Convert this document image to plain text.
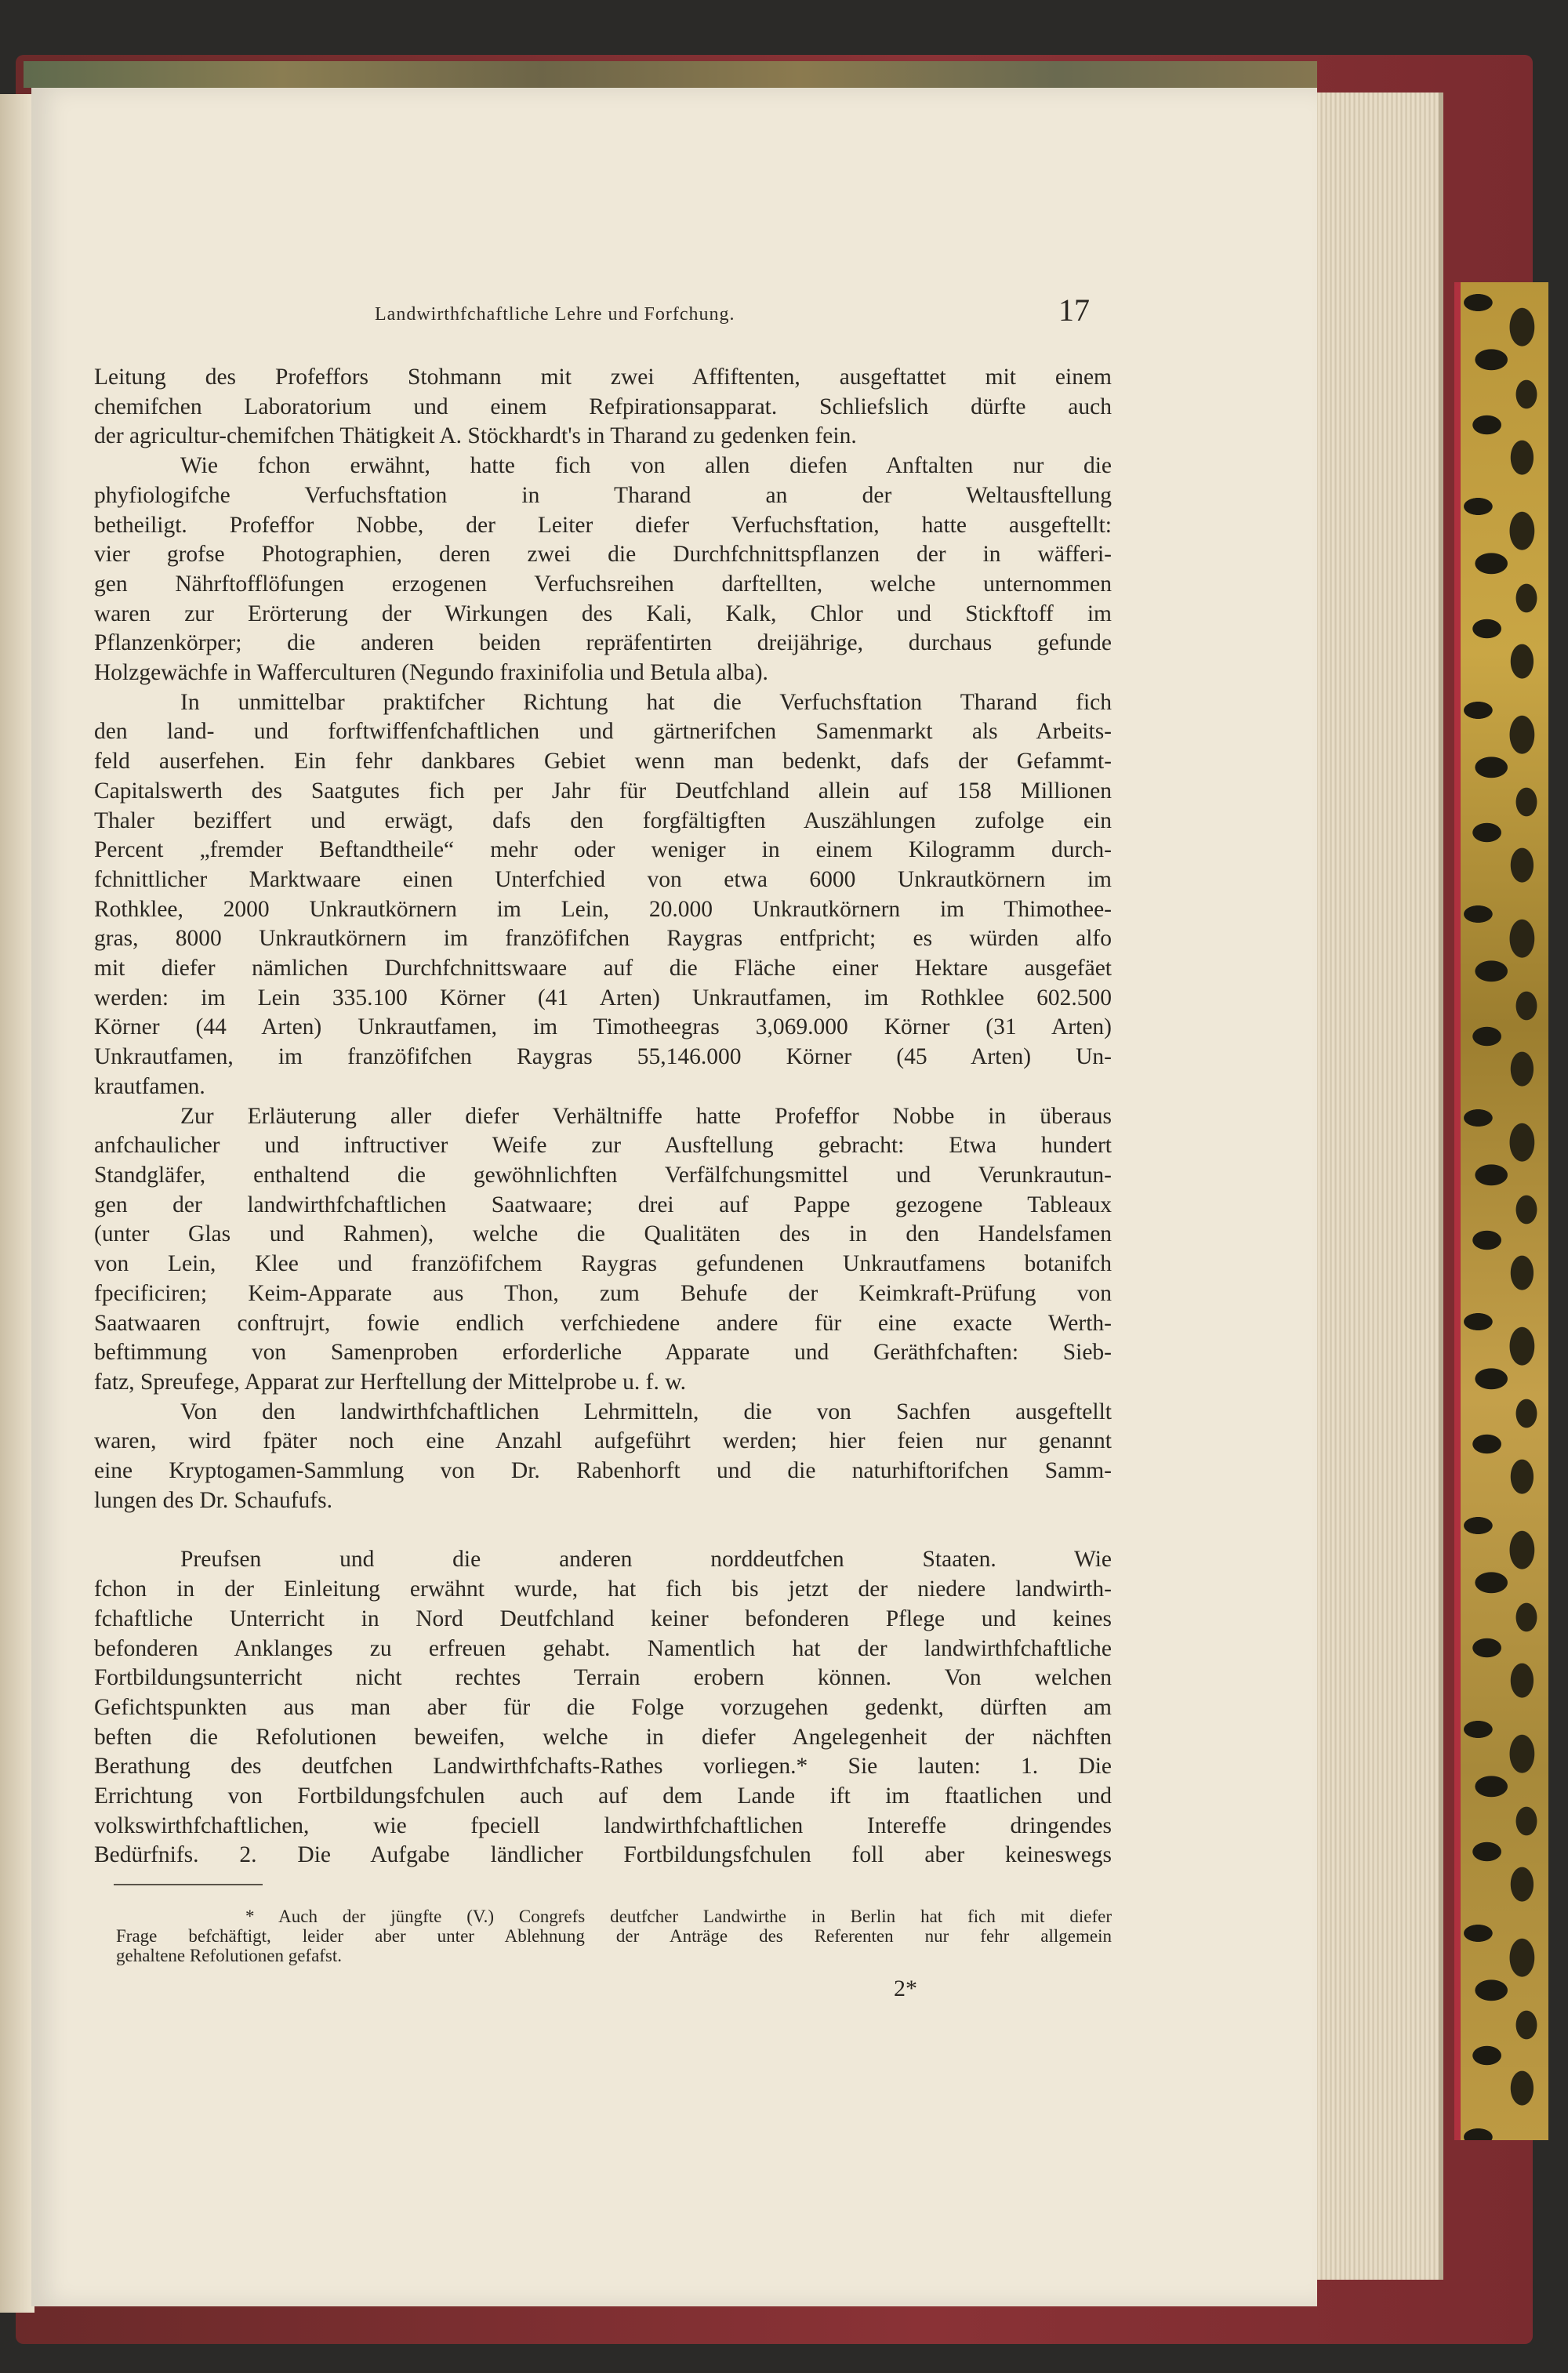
Landwirthfchaftliche Lehre und Forfchung.	17

Leitung des Profeffors Stohmann mit zwei Affiftenten, ausgeftattet mit einem

chemifchen Laboratorium und einem Refpirationsapparat. Schliefslich dürfte auch

der agricultur-chemifchen Thätigkeit A. Stöckhardt's in Tharand zu gedenken fein.

Wie fchon erwähnt, hatte fich von allen diefen Anftalten nur die

phyfiologifche Verfuchsftation in Tharand an der Weltausftellung

betheiligt. Profeffor Nobbe, der Leiter diefer Verfuchsftation, hatte ausgeftellt:

vier grofse Photographien, deren zwei die Durchfchnittspflanzen der in wäfferi-

gen Nährftofflöfungen erzogenen Verfuchsreihen darftellten, welche unternommen

waren zur Erörterung der Wirkungen des Kali, Kalk, Chlor und Stickftoff im

Pflanzenkörper; die anderen beiden repräfentirten dreijährige, durchaus gefunde

Holzgewächfe in Wafferculturen (Negundo fraxinifolia und Betula alba).

In unmittelbar praktifcher Richtung hat die Verfuchsftation Tharand fich

den land- und forftwiffenfchaftlichen und gärtnerifchen Samenmarkt als Arbeits-

feld auserfehen. Ein fehr dankbares Gebiet wenn man bedenkt, dafs der Gefammt-

Capitalswerth des Saatgutes fich per Jahr für Deutfchland allein auf 158 Millionen

Thaler beziffert und erwägt, dafs den forgfältigften Auszählungen zufolge ein

Percent „fremder Beftandtheile“ mehr oder weniger in einem Kilogramm durch-

fchnittlicher Marktwaare einen Unterfchied von etwa 6000 Unkrautkörnern im

Rothklee, 2000 Unkrautkörnern im Lein, 20.000 Unkrautkörnern im Thimothee-

gras, 8000 Unkrautkörnern im franzöfifchen Raygras entfpricht; es würden alfo

mit diefer nämlichen Durchfchnittswaare auf die Fläche einer Hektare ausgefäet

werden: im Lein 335.100 Körner (41 Arten) Unkrautfamen, im Rothklee 602.500

Körner (44 Arten) Unkrautfamen, im Timotheegras 3,069.000 Körner (31 Arten)

Unkrautfamen, im franzöfifchen Raygras 55,146.000 Körner (45 Arten) Un-

krautfamen.

Zur Erläuterung aller diefer Verhältniffe hatte Profeffor Nobbe in überaus

anfchaulicher und inftructiver Weife zur Ausftellung gebracht: Etwa hundert

Standgläfer, enthaltend die gewöhnlichften Verfälfchungsmittel und Verunkrautun-

gen der landwirthfchaftlichen Saatwaare; drei auf Pappe gezogene Tableaux

(unter Glas und Rahmen), welche die Qualitäten des in den Handelsfamen

von Lein, Klee und franzöfifchem Raygras gefundenen Unkrautfamens botanifch

fpecificiren; Keim-Apparate aus Thon, zum Behufe der Keimkraft-Prüfung von

Saatwaaren conftrujrt, fowie endlich verfchiedene andere für eine exacte Werth-

beftimmung von Samenproben erforderliche Apparate und Geräthfchaften: Sieb-

fatz, Spreufege, Apparat zur Herftellung der Mittelprobe u. f. w.

Von den landwirthfchaftlichen Lehrmitteln, die von Sachfen ausgeftellt

waren, wird fpäter noch eine Anzahl aufgeführt werden; hier feien nur genannt

eine Kryptogamen-Sammlung von Dr. Rabenhorft und die naturhiftorifchen Samm-

lungen des Dr. Schaufufs.

Preufsen und die anderen norddeutfchen Staaten. Wie

fchon in der Einleitung erwähnt wurde, hat fich bis jetzt der niedere landwirth-

fchaftliche Unterricht in Nord Deutfchland keiner befonderen Pflege und keines

befonderen Anklanges zu erfreuen gehabt. Namentlich hat der landwirthfchaftliche

Fortbildungsunterricht nicht rechtes Terrain erobern können. Von welchen

Gefichtspunkten aus man aber für die Folge vorzugehen gedenkt, dürften am

beften die Refolutionen beweifen, welche in diefer Angelegenheit der nächften

Berathung des deutfchen Landwirthfchafts-Rathes vorliegen.* Sie lauten: 1. Die

Errichtung von Fortbildungsfchulen auch auf dem Lande ift im ftaatlichen und

volkswirthfchaftlichen, wie fpeciell landwirthfchaftlichen Intereffe dringendes

Bedürfnifs. 2. Die Aufgabe ländlicher Fortbildungsfchulen foll aber keineswegs

* Auch der jüngfte (V.) Congrefs deutfcher Landwirthe in Berlin hat fich mit diefer

Frage befchäftigt, leider aber unter Ablehnung der Anträge des Referenten nur fehr allgemein

gehaltene Refolutionen gefafst.

2*
